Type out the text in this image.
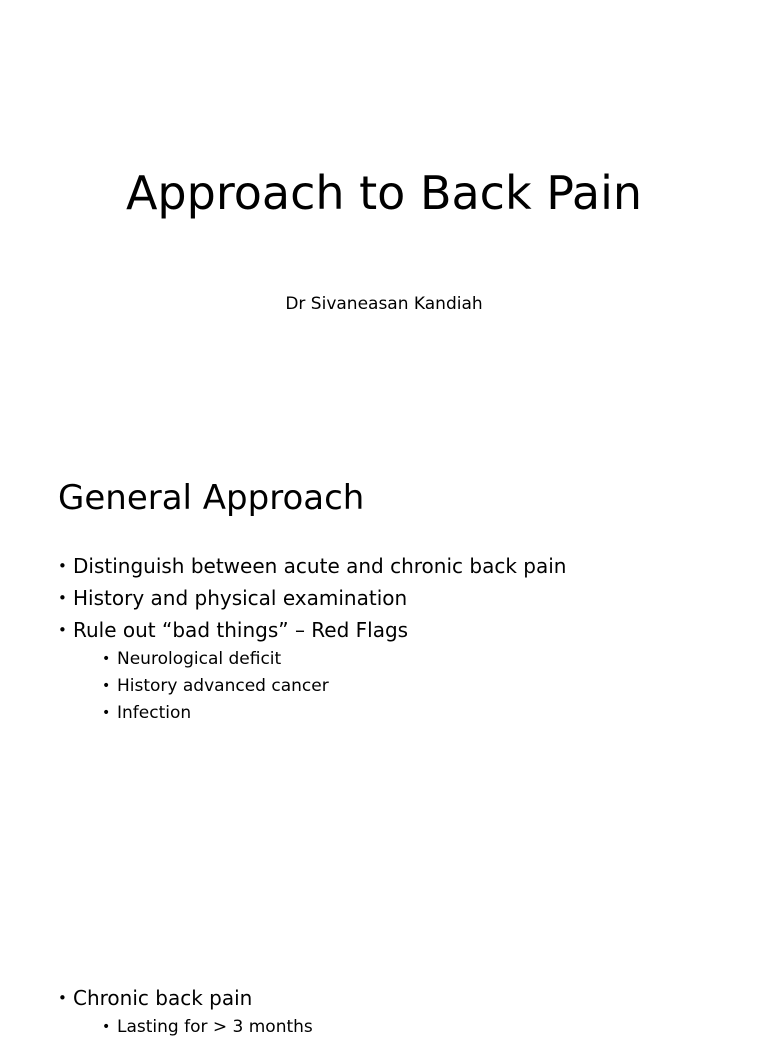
Approach to Back Pain
Dr Sivaneasan Kandiah
General Approach
• Distinguish between acute and chronic back pain
• History and physical examination
• Rule out “bad things” – Red Flags
• Neurological deficit
• History advanced cancer
• Infection
• Chronic back pain
• Lasting for > 3 months
